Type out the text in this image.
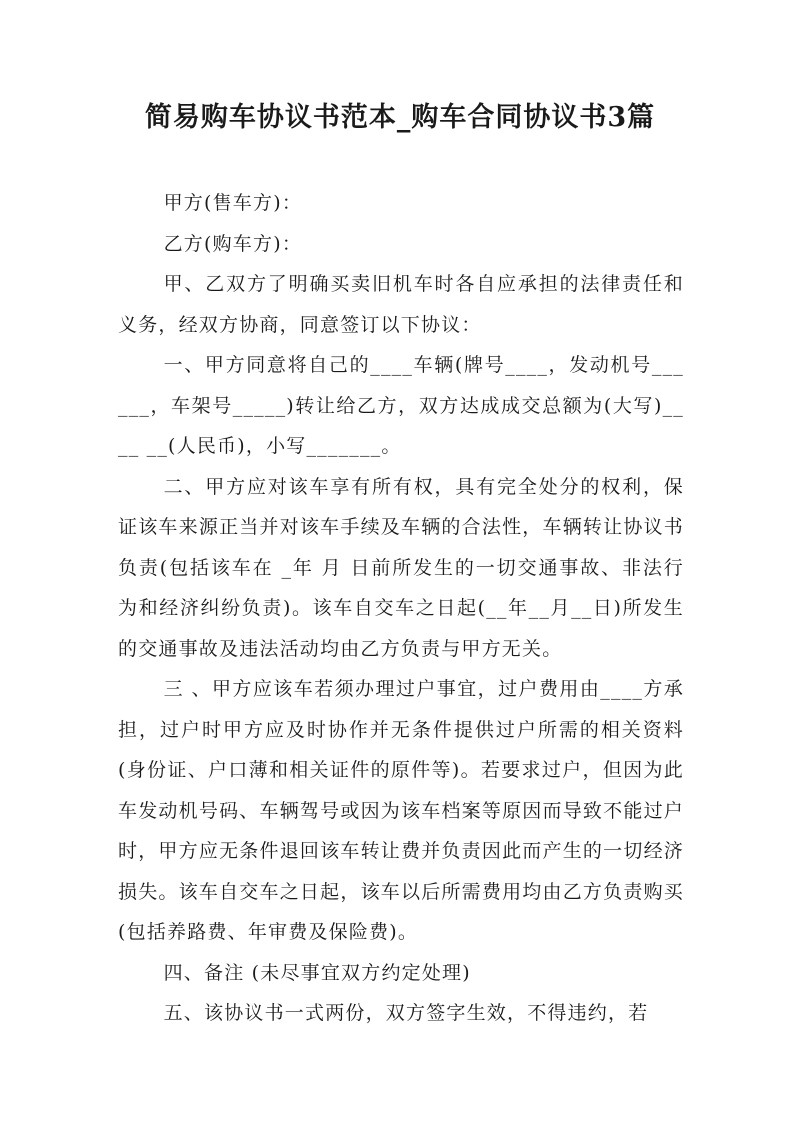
简易购车协议书范本_购车合同协议书3篇

甲方(售车方)：

乙方(购车方)：

甲、乙双方了明确买卖旧机车时各自应承担的法律责任和义务，经双方协商，同意签订以下协议：

一、甲方同意将自己的____车辆(牌号____，发动机号______，车架号_____)转让给乙方，双方达成成交总额为(大写)____ __(人民币)，小写_______。

二、甲方应对该车享有所有权，具有完全处分的权利，保证该车来源正当并对该车手续及车辆的合法性，车辆转让协议书负责(包括该车在 _年 月 日前所发生的一切交通事故、非法行为和经济纠纷负责)。该车自交车之日起(__年__月__日)所发生的交通事故及违法活动均由乙方负责与甲方无关。

三 、甲方应该车若须办理过户事宜，过户费用由____方承担，过户时甲方应及时协作并无条件提供过户所需的相关资料(身份证、户口薄和相关证件的原件等)。若要求过户，但因为此车发动机号码、车辆驾号或因为该车档案等原因而导致不能过户时，甲方应无条件退回该车转让费并负责因此而产生的一切经济损失。该车自交车之日起，该车以后所需费用均由乙方负责购买(包括养路费、年审费及保险费)。

四、备注 (未尽事宜双方约定处理)

五、该协议书一式两份，双方签字生效，不得违约，若
